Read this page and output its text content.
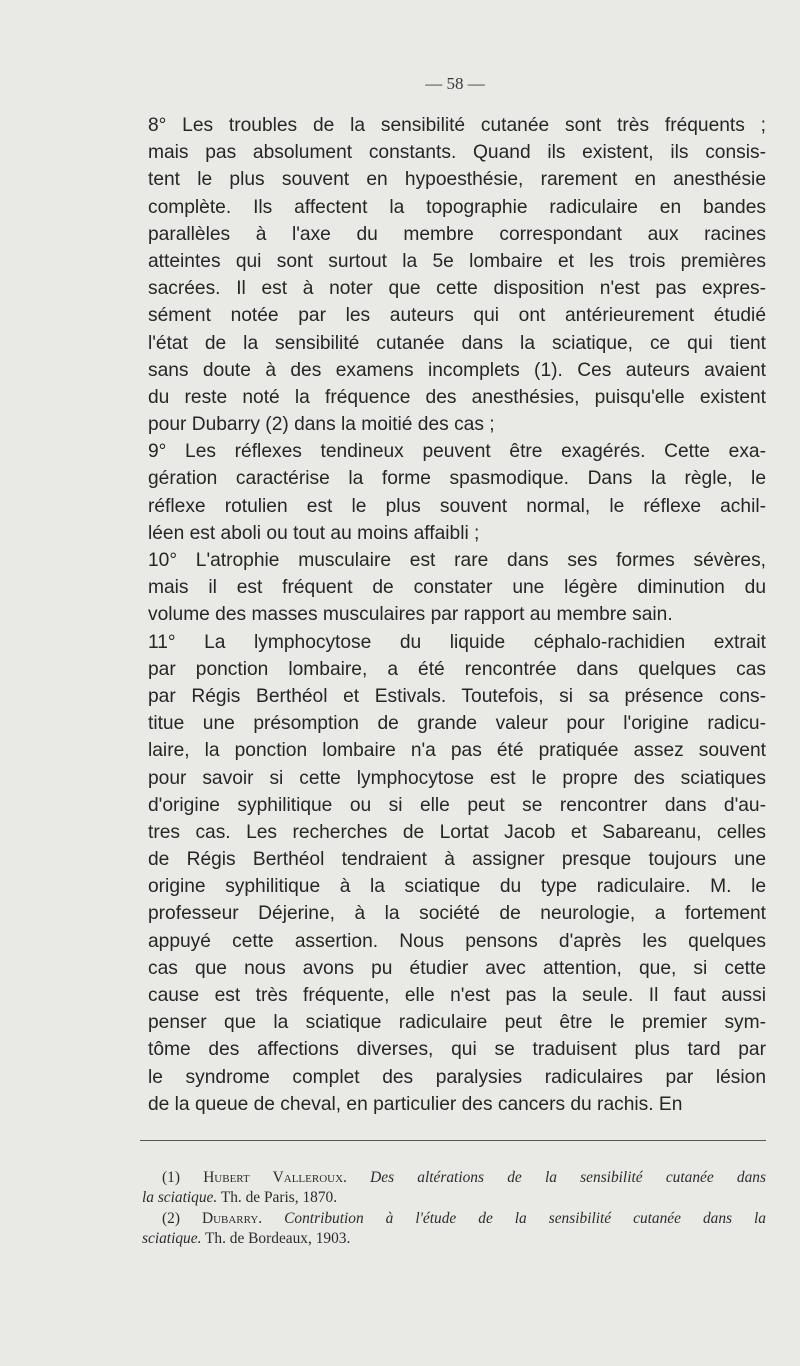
— 58 —
8° Les troubles de la sensibilité cutanée sont très fréquents ;
mais pas absolument constants. Quand ils existent, ils consis-
tent le plus souvent en hypoesthésie, rarement en anesthésie
complète. Ils affectent la topographie radiculaire en bandes
parallèles à l'axe du membre correspondant aux racines
atteintes qui sont surtout la 5e lombaire et les trois premières
sacrées. Il est à noter que cette disposition n'est pas expres-
sément notée par les auteurs qui ont antérieurement étudié
l'état de la sensibilité cutanée dans la sciatique, ce qui tient
sans doute à des examens incomplets (1). Ces auteurs avaient
du reste noté la fréquence des anesthésies, puisqu'elle existent
pour Dubarry (2) dans la moitié des cas ;
9° Les réflexes tendineux peuvent être exagérés. Cette exa-
gération caractérise la forme spasmodique. Dans la règle, le
réflexe rotulien est le plus souvent normal, le réflexe achil-
léen est aboli ou tout au moins affaibli ;
10° L'atrophie musculaire est rare dans ses formes sévères,
mais il est fréquent de constater une légère diminution du
volume des masses musculaires par rapport au membre sain.
11° La lymphocytose du liquide céphalo-rachidien extrait
par ponction lombaire, a été rencontrée dans quelques cas
par Régis Berthéol et Estivals. Toutefois, si sa présence cons-
titue une présomption de grande valeur pour l'origine radicu-
laire, la ponction lombaire n'a pas été pratiquée assez souvent
pour savoir si cette lymphocytose est le propre des sciatiques
d'origine syphilitique ou si elle peut se rencontrer dans d'au-
tres cas. Les recherches de Lortat Jacob et Sabareanu, celles
de Régis Berthéol tendraient à assigner presque toujours une
origine syphilitique à la sciatique du type radiculaire. M. le
professeur Déjerine, à la société de neurologie, a fortement
appuyé cette assertion. Nous pensons d'après les quelques
cas que nous avons pu étudier avec attention, que, si cette
cause est très fréquente, elle n'est pas la seule. Il faut aussi
penser que la sciatique radiculaire peut être le premier sym-
tôme des affections diverses, qui se traduisent plus tard par
le syndrome complet des paralysies radiculaires par lésion
de la queue de cheval, en particulier des cancers du rachis. En
(1) Hubert Valleroux. Des altérations de la sensibilité cutanée dans
la sciatique. Th. de Paris, 1870.
(2) Dubarry. Contribution à l'étude de la sensibilité cutanée dans la
sciatique. Th. de Bordeaux, 1903.
